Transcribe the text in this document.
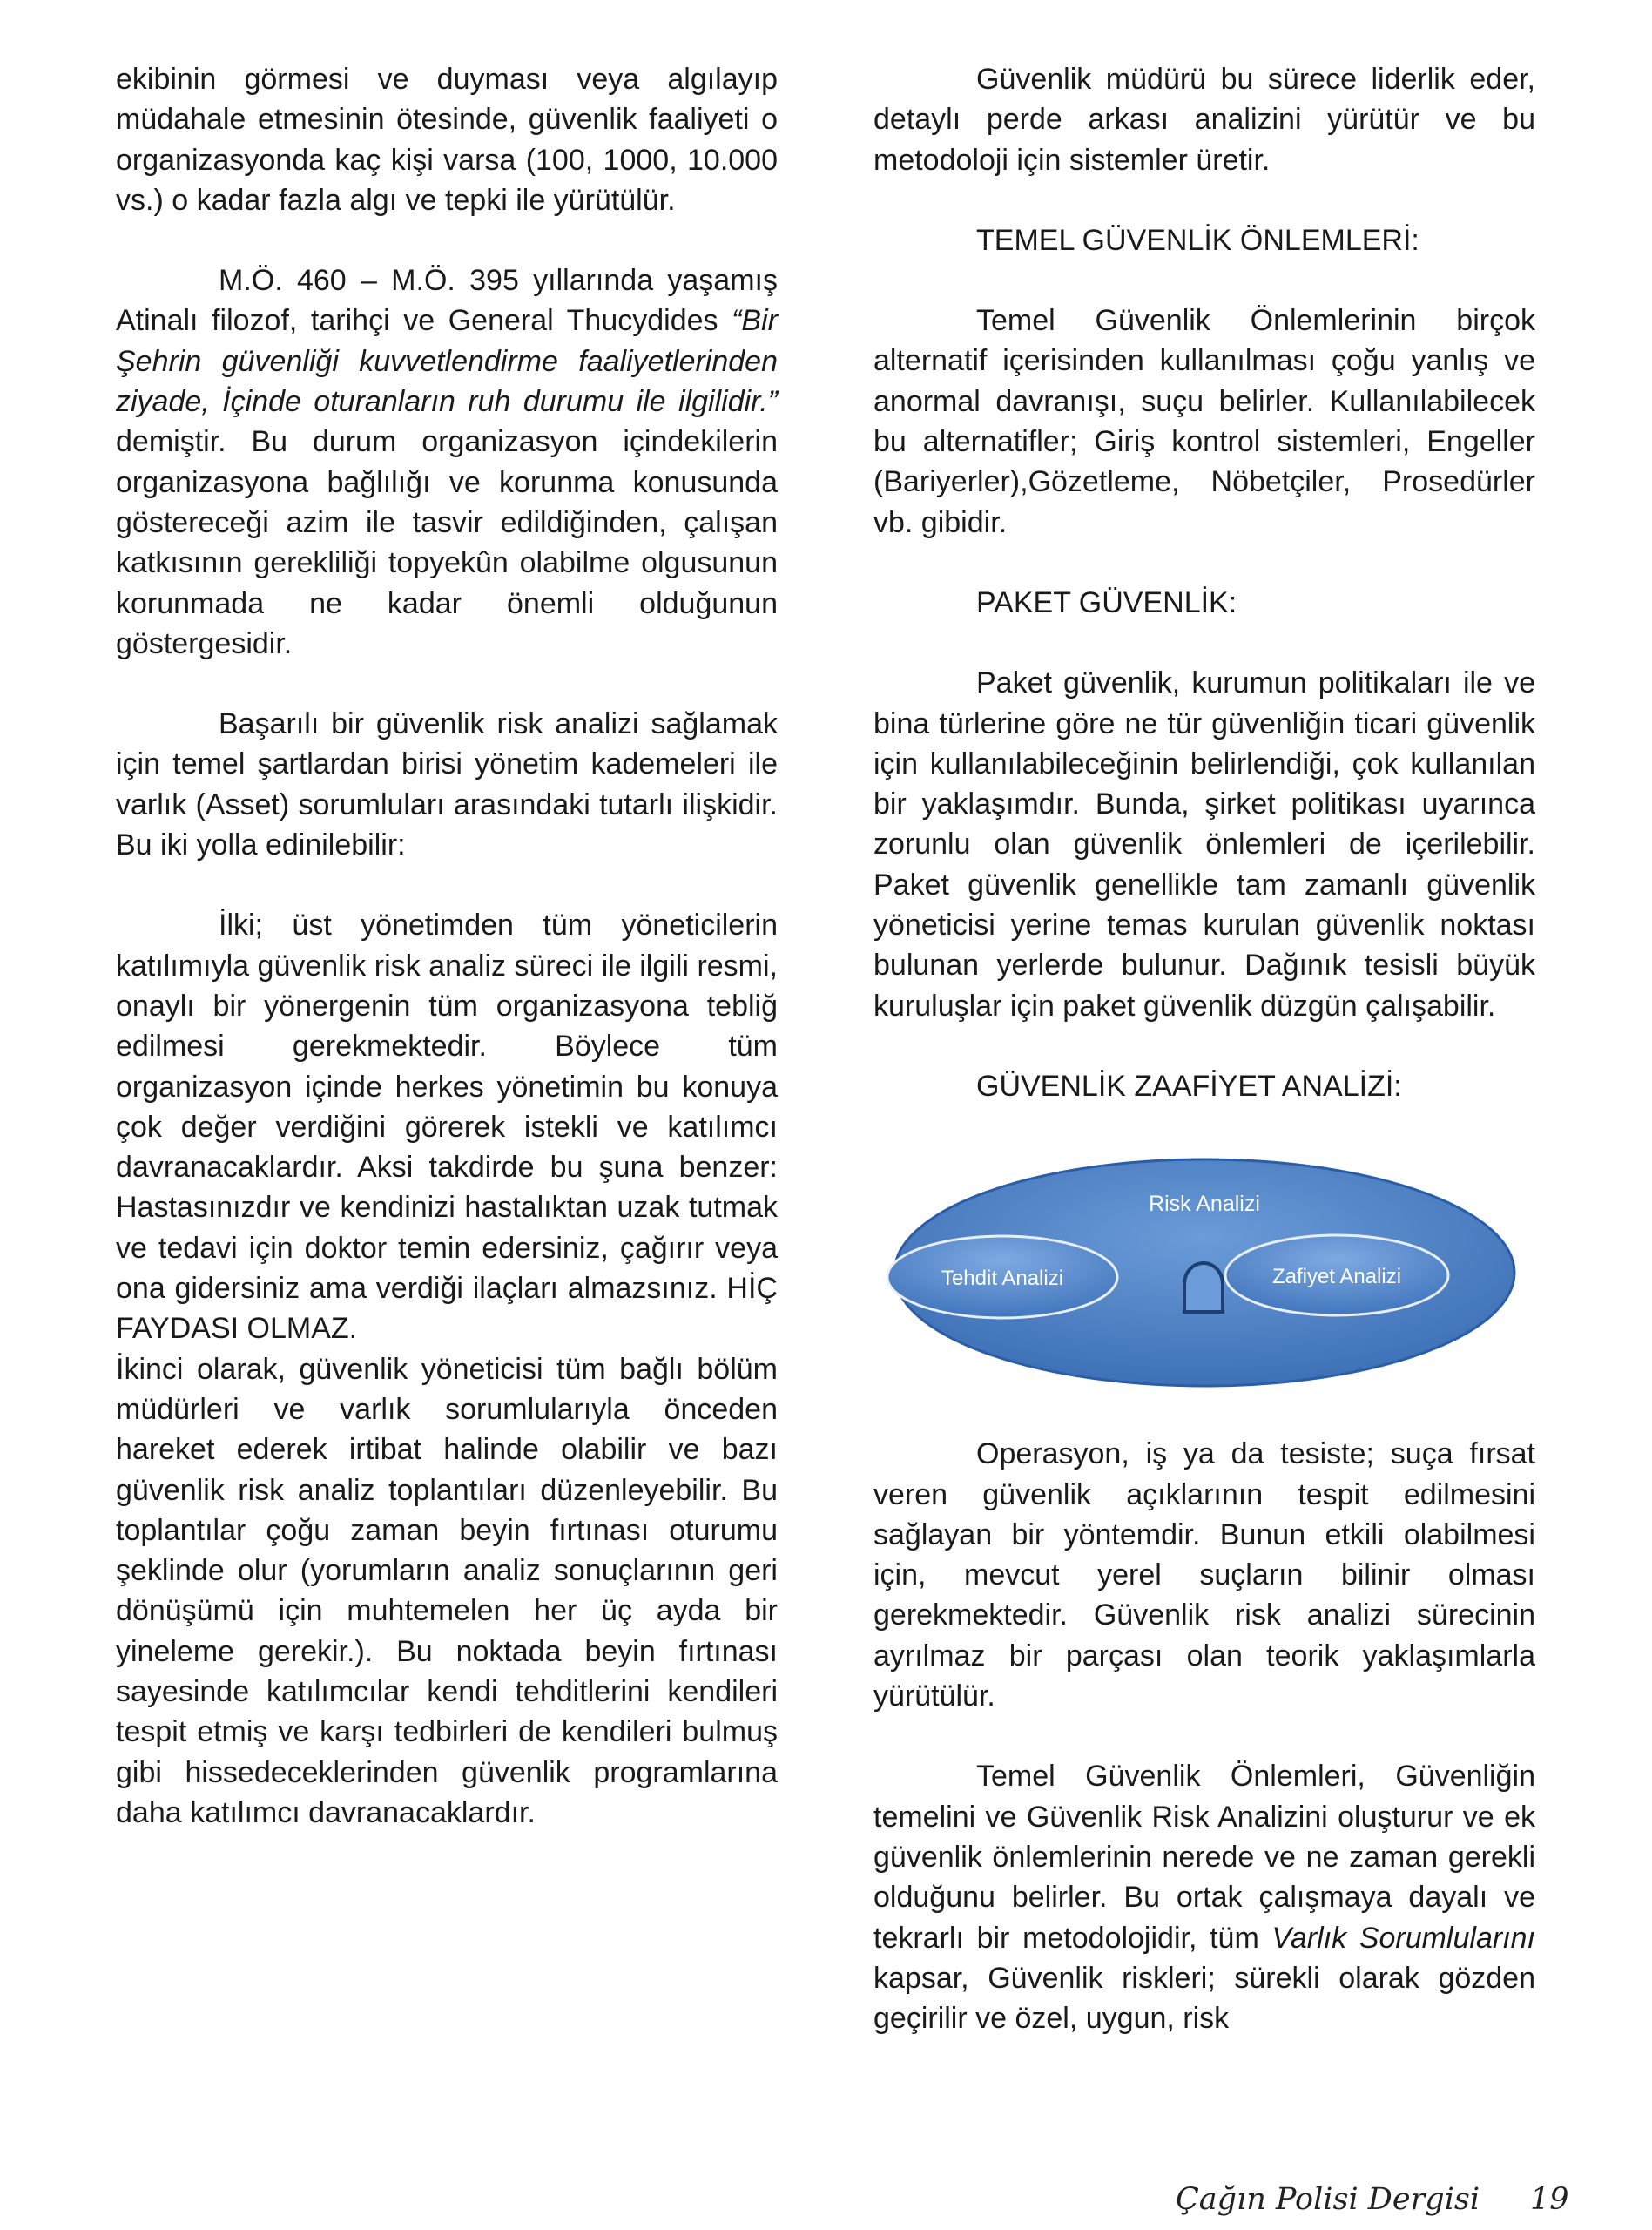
ekibinin görmesi ve duyması veya algılayıp müdahale etmesinin ötesinde, güvenlik faaliyeti o organizasyonda kaç kişi varsa (100, 1000, 10.000 vs.) o kadar fazla algı ve tepki ile yürütülür.

M.Ö. 460 – M.Ö. 395 yıllarında yaşamış Atinalı filozof, tarihçi ve General Thucydides “Bir Şehrin güvenliği kuvvetlendirme faaliyetlerinden ziyade, İçinde oturanların ruh durumu ile ilgilidir.” demiştir. Bu durum organizasyon içindekilerin organizasyona bağlılığı ve korunma konusunda göstereceği azim ile tasvir edildiğinden, çalışan katkısının gerekliliği topyekûn olabilme olgusunun korunmada ne kadar önemli olduğunun göstergesidir.

Başarılı bir güvenlik risk analizi sağlamak için temel şartlardan birisi yönetim kademeleri ile varlık (Asset) sorumluları arasındaki tutarlı ilişkidir. Bu iki yolla edinilebilir:

İlki; üst yönetimden tüm yöneticilerin katılımıyla güvenlik risk analiz süreci ile ilgili resmi, onaylı bir yönergenin tüm organizasyona tebliğ edilmesi gerekmektedir. Böylece tüm organizasyon içinde herkes yönetimin bu konuya çok değer verdiğini görerek istekli ve katılımcı davranacaklardır. Aksi takdirde bu şuna benzer: Hastasınızdır ve kendinizi hastalıktan uzak tutmak ve tedavi için doktor temin edersiniz, çağırır veya ona gidersiniz ama verdiği ilaçları almazsınız. HİÇ FAYDASI OLMAZ.

İkinci olarak, güvenlik yöneticisi tüm bağlı bölüm müdürleri ve varlık sorumlularıyla önceden hareket ederek irtibat halinde olabilir ve bazı güvenlik risk analiz toplantıları düzenleyebilir. Bu toplantılar çoğu zaman beyin fırtınası oturumu şeklinde olur (yorumların analiz sonuçlarının geri dönüşümü için muhtemelen her üç ayda bir yineleme gerekir.). Bu noktada beyin fırtınası sayesinde katılımcılar kendi tehditlerini kendileri tespit etmiş ve karşı tedbirleri de kendileri bulmuş gibi hissedeceklerinden güvenlik programlarına daha katılımcı davranacaklardır.

Güvenlik müdürü bu sürece liderlik eder, detaylı perde arkası analizini yürütür ve bu metodoloji için sistemler üretir.

TEMEL GÜVENLİK ÖNLEMLERİ:

Temel Güvenlik Önlemlerinin birçok alternatif içerisinden kullanılması çoğu yanlış ve anormal davranışı, suçu belirler. Kullanılabilecek bu alternatifler; Giriş kontrol sistemleri, Engeller (Bariyerler),Gözetleme, Nöbetçiler, Prosedürler vb. gibidir.

PAKET GÜVENLİK:

Paket güvenlik, kurumun politikaları ile ve bina türlerine göre ne tür güvenliğin ticari güvenlik için kullanılabileceğinin belirlendiği, çok kullanılan bir yaklaşımdır. Bunda, şirket politikası uyarınca zorunlu olan güvenlik önlemleri de içerilebilir. Paket güvenlik genellikle tam zamanlı güvenlik yöneticisi yerine temas kurulan güvenlik noktası bulunan yerlerde bulunur. Dağınık tesisli büyük kuruluşlar için paket güvenlik düzgün çalışabilir.

GÜVENLİK ZAAFİYET ANALİZİ:

Risk Analizi
Tehdit Analizi	Zafiyet Analizi

Operasyon, iş ya da tesiste; suça fırsat veren güvenlik açıklarının tespit edilmesini sağlayan bir yöntemdir. Bunun etkili olabilmesi için, mevcut yerel suçların bilinir olması gerekmektedir. Güvenlik risk analizi sürecinin ayrılmaz bir parçası olan teorik yaklaşımlarla yürütülür.

Temel Güvenlik Önlemleri, Güvenliğin temelini ve Güvenlik Risk Analizini oluşturur ve ek güvenlik önlemlerinin nerede ve ne zaman gerekli olduğunu belirler. Bu ortak çalışmaya dayalı ve tekrarlı bir metodolojidir, tüm Varlık Sorumlularını kapsar, Güvenlik riskleri; sürekli olarak gözden geçirilir ve özel, uygun, risk

Çağın Polisi Dergisi 19
